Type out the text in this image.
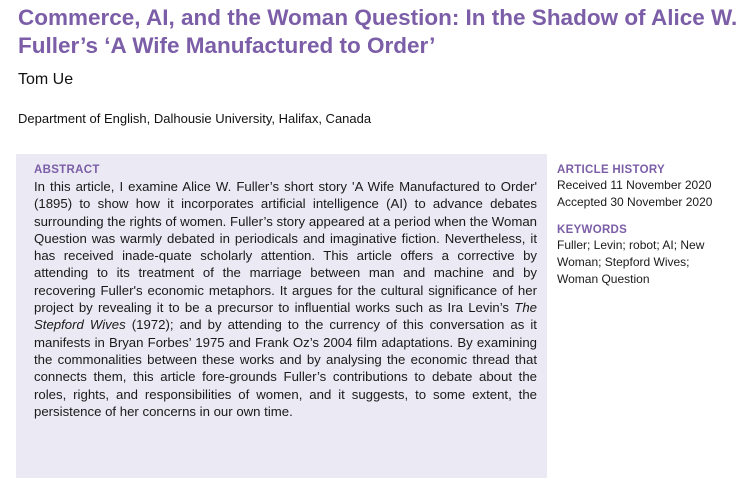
Commerce, AI, and the Woman Question: In the Shadow of Alice W. Fuller’s ‘A Wife Manufactured to Order’
Tom Ue
Department of English, Dalhousie University, Halifax, Canada
ABSTRACT

In this article, I examine Alice W. Fuller’s short story 'A Wife Manufactured to Order' (1895) to show how it incorporates artificial intelligence (AI) to advance debates surrounding the rights of women. Fuller’s story appeared at a period when the Woman Question was warmly debated in periodicals and imaginative fiction. Nevertheless, it has received inade-quate scholarly attention. This article offers a corrective by attending to its treatment of the marriage between man and machine and by recovering Fuller's economic metaphors. It argues for the cultural significance of her project by revealing it to be a precursor to influential works such as Ira Levin’s The Stepford Wives (1972); and by attending to the currency of this conversation as it manifests in Bryan Forbes’ 1975 and Frank Oz’s 2004 film adaptations. By examining the commonalities between these works and by analysing the economic thread that connects them, this article fore-grounds Fuller’s contributions to debate about the roles, rights, and responsibilities of women, and it suggests, to some extent, the persistence of her concerns in our own time.

ARTICLE HISTORY
Received 11 November 2020
Accepted 30 November 2020
KEYWORDS
Fuller; Levin; robot; AI; New Woman; Stepford Wives; Woman Question
